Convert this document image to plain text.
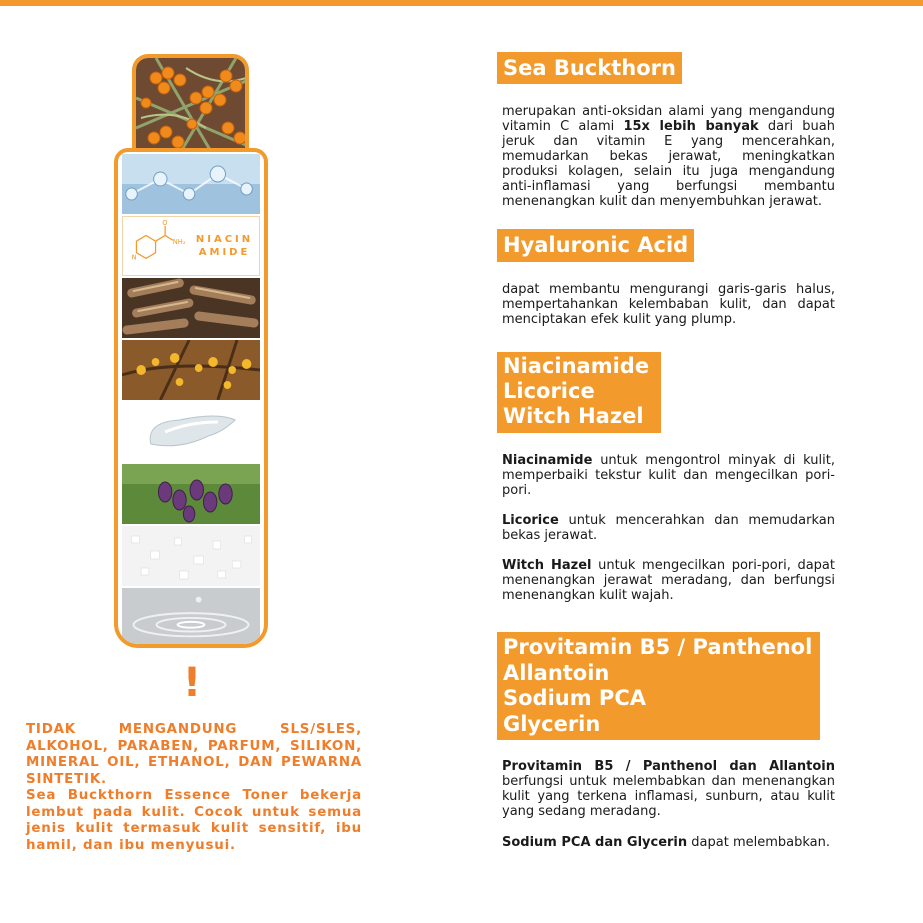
O
NH₂
N
NIACIN
AMIDE
!

TIDAK MENGANDUNG SLS/SLES, ALKOHOL, PARABEN, PARFUM, SILIKON, MINERAL OIL, ETHANOL, DAN PEWARNA SINTETIK.

Sea Buckthorn Essence Toner bekerja lembut pada kulit. Cocok untuk semua jenis kulit termasuk kulit sensitif, ibu hamil, dan ibu menyusui.

Sea Buckthorn

merupakan anti-oksidan alami yang mengandung vitamin C alami 15x lebih banyak dari buah jeruk dan vitamin E yang mencerahkan, memudarkan bekas jerawat, meningkatkan produksi kolagen, selain itu juga mengandung anti-inflamasi yang berfungsi membantu menenangkan kulit dan menyembuhkan jerawat.

Hyaluronic Acid

dapat membantu mengurangi garis-garis halus, mempertahankan kelembaban kulit, dan dapat menciptakan efek kulit yang plump.

Niacinamide
Licorice
Witch Hazel

Niacinamide untuk mengontrol minyak di kulit, memperbaiki tekstur kulit dan mengecilkan pori-pori.

Licorice untuk mencerahkan dan memudarkan bekas jerawat.

Witch Hazel untuk mengecilkan pori-pori, dapat menenangkan jerawat meradang, dan berfungsi menenangkan kulit wajah.

Provitamin B5 / Panthenol
Allantoin
Sodium PCA
Glycerin

Provitamin B5 / Panthenol dan Allantoin berfungsi untuk melembabkan dan menenangkan kulit yang terkena inflamasi, sunburn, atau kulit yang sedang meradang.

Sodium PCA dan Glycerin dapat melembabkan.
